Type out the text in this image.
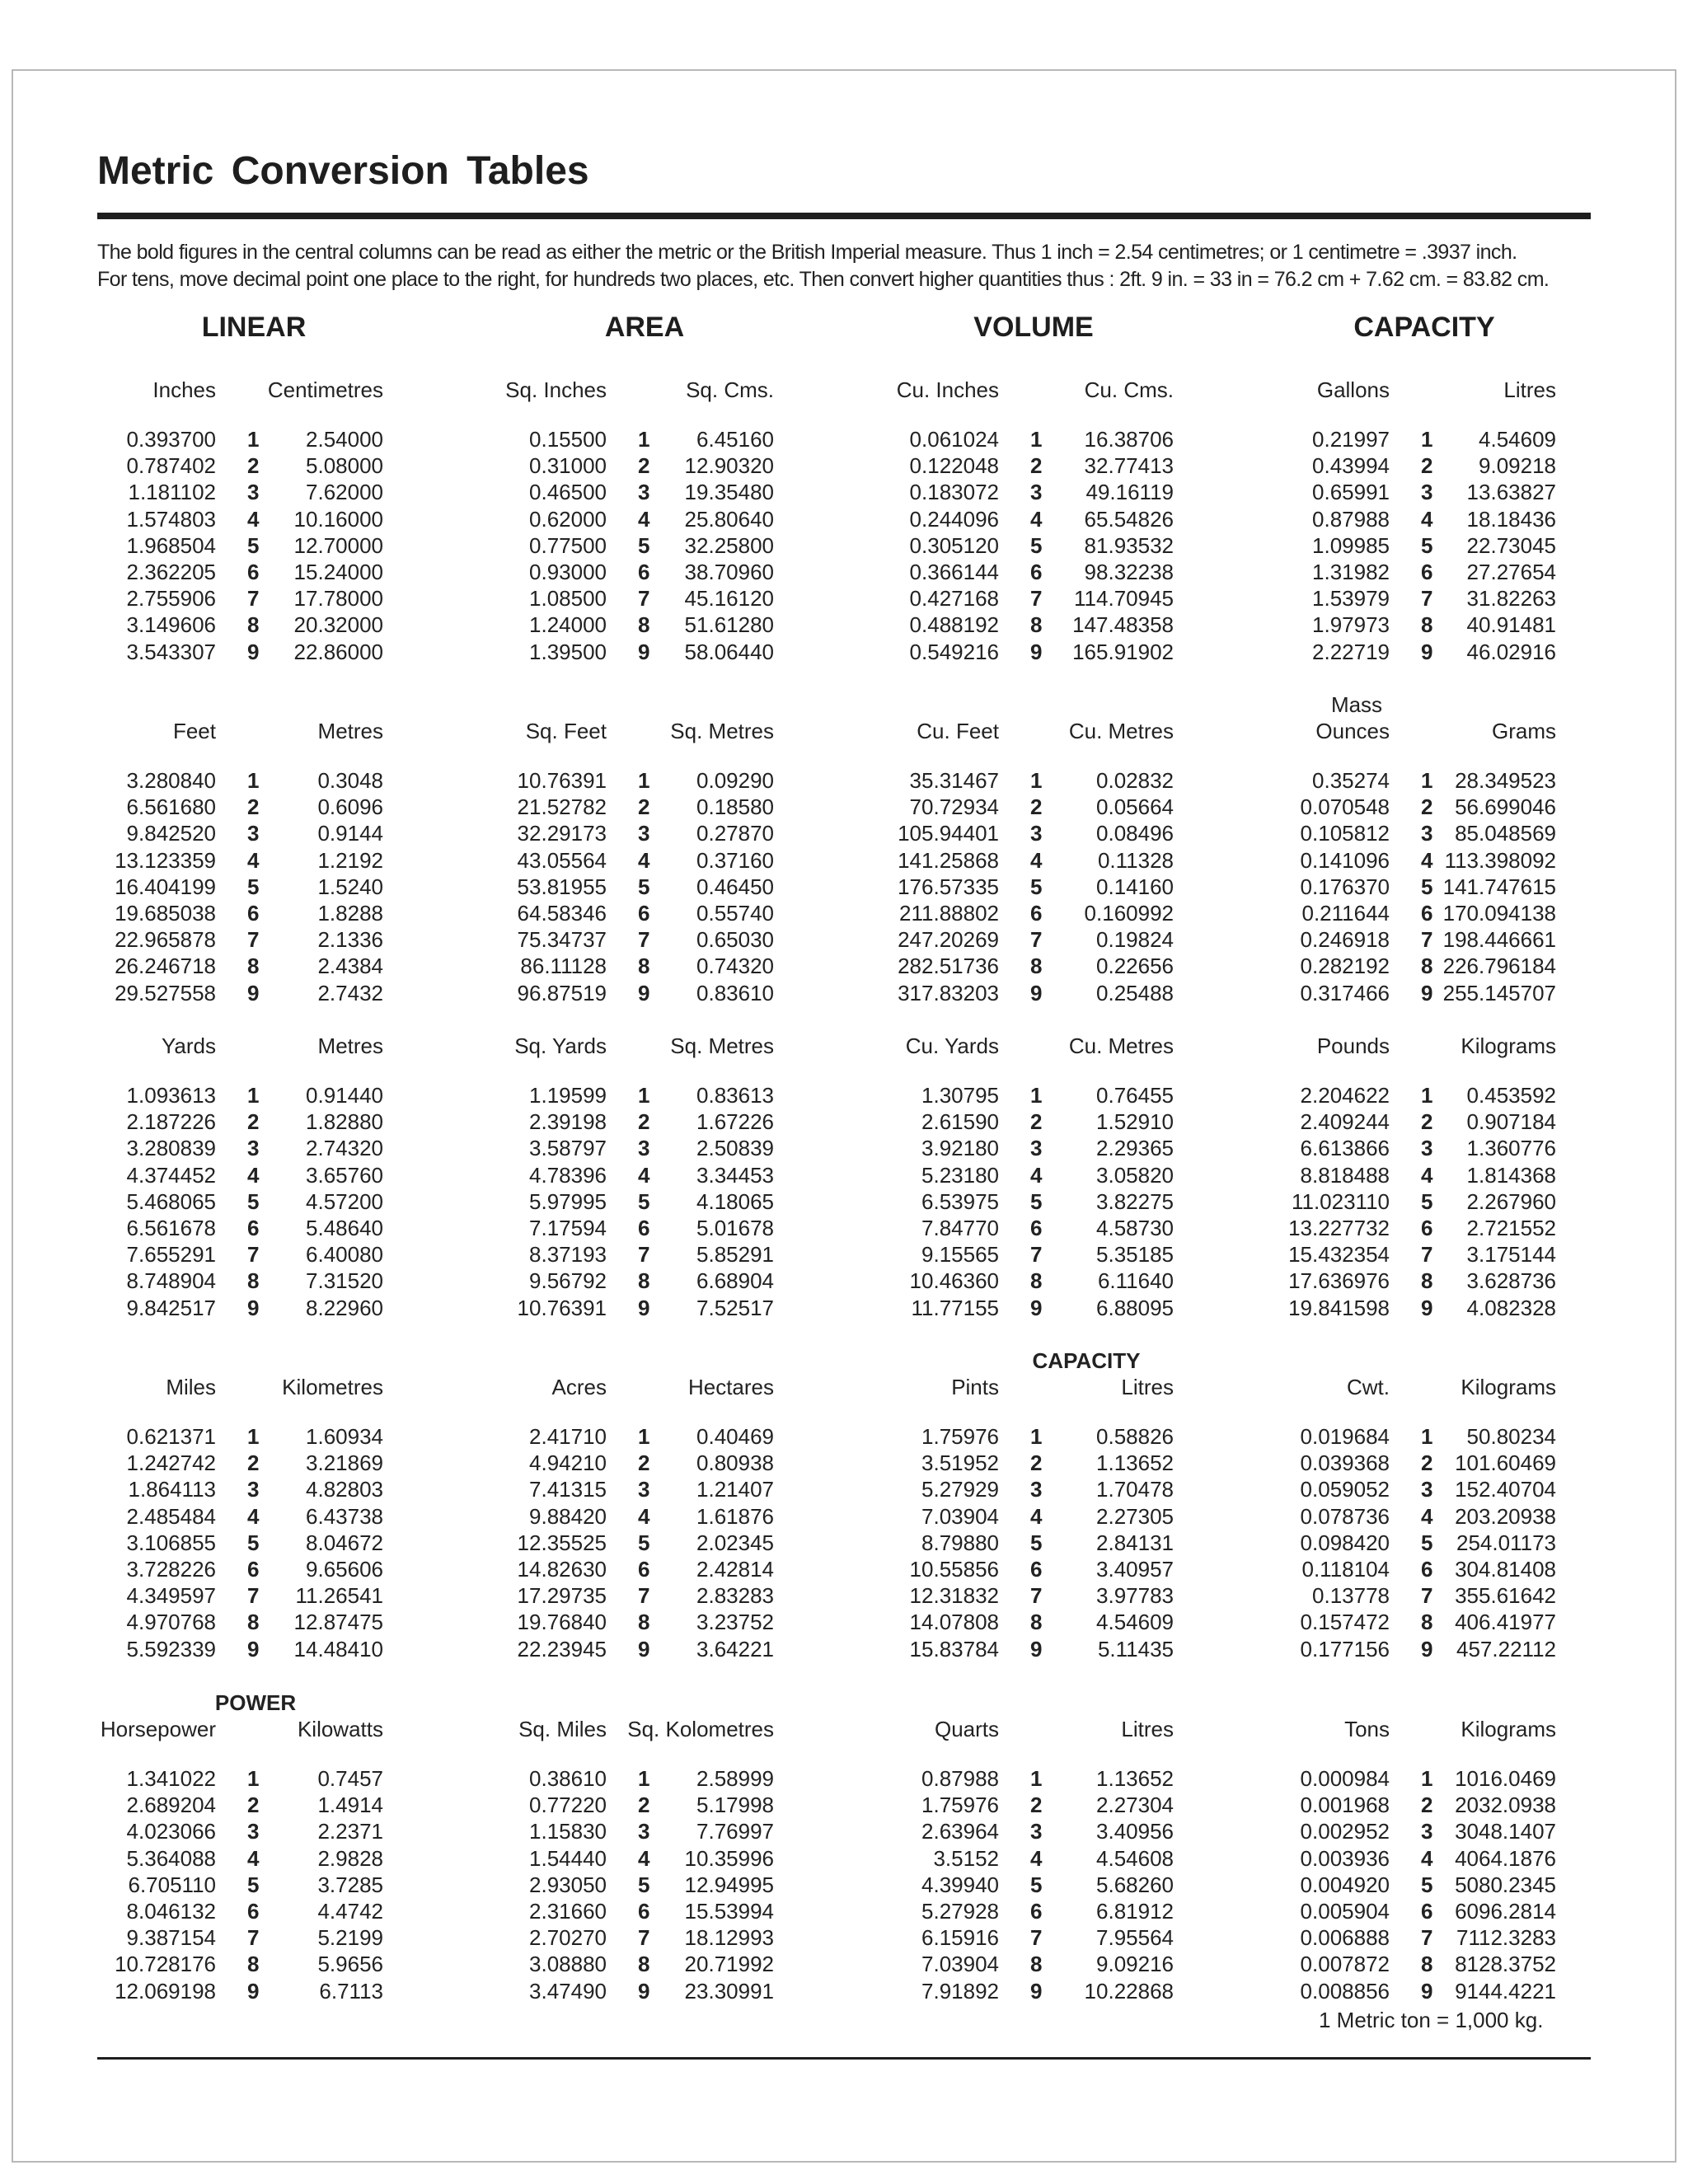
Metric Conversion Tables

The bold figures in the central columns can be read as either the metric or the British Imperial measure. Thus 1 inch = 2.54 centimetres; or 1 centimetre = .3937 inch.
For tens, move decimal point one place to the right, for hundreds two places, etc. Then convert higher quantities thus : 2ft. 9 in. = 33 in = 76.2 cm + 7.62 cm. = 83.82 cm.

LINEAR	AREA	VOLUME	CAPACITY
Inches Centimetres
0.393700 1 2.54000
0.787402 2 5.08000
1.181102 3 7.62000
1.574803 4 10.16000
1.968504 5 12.70000
2.362205 6 15.24000
2.755906 7 17.78000
3.149606 8 20.32000
3.543307 9 22.86000
Sq. Inches	Sq. Cms.
0.15500 1 6.45160
0.31000 2 12.90320
0.46500 3 19.35480
0.62000 4 25.80640
0.77500 5 32.25800
0.93000 6 38.70960
1.08500 7 45.16120
1.24000 8 51.61280
1.39500 9 58.06440
Cu. Inches	Cu. Cms.
0.061024 1 16.38706
0.122048 2 32.77413
0.183072 3 49.16119
0.244096 4 65.54826
0.305120 5 81.93532
0.366144 6 98.32238
0.427168 7 114.70945
0.488192 8 147.48358
0.549216 9 165.91902
Gallons	Litres
0.21997 1 4.54609
0.43994 2 9.09218
0.65991 3 13.63827
0.87988 4 18.18436
1.09985 5 22.73045
1.31982 6 27.27654
1.53979 7 31.82263
1.97973 8 40.91481
2.22719 9 46.02916
Feet	Metres
3.280840 1	0.3048
6.561680 2	0.6096
9.842520 3	0.9144
13.123359 4	1.2192
16.404199 5	1.5240
19.685038 6	1.8288
22.965878 7	2.1336
26.246718 8	2.4384
29.527558 9	2.7432
Sq. Feet	Sq. Metres
10.76391 1 0.09290
21.52782 2 0.18580
32.29173 3 0.27870
43.05564 4 0.37160
53.81955 5 0.46450
64.58346 6 0.55740
75.34737 7 0.65030
86.11128 8 0.74320
96.87519 9 0.83610
Cu. Feet	Cu. Metres
35.31467 1	0.02832
70.72934 2	0.05664
105.94401 3	0.08496
141.25868 4	0.11328
176.57335 5	0.14160
211.88802 6 0.160992
247.20269 7	0.19824
282.51736 8	0.22656
317.83203 9	0.25488
Mass
Ounces	Grams
0.35274 1 28.349523
0.070548 2 56.699046
0.105812 3 85.048569
0.141096 4 113.398092
0.176370 5 141.747615
0.211644 6 170.094138
0.246918 7 198.446661
0.282192 8 226.796184
0.317466 9 255.145707
Yards	Metres
1.093613 1 0.91440
2.187226 2 1.82880
3.280839 3 2.74320
4.374452 4 3.65760
5.468065 5 4.57200
6.561678 6 5.48640
7.655291 7 6.40080
8.748904 8 7.31520
9.842517 9 8.22960
Sq. Yards	Sq. Metres
1.19599 1 0.83613
2.39198 2 1.67226
3.58797 3 2.50839
4.78396 4 3.34453
5.97995 5 4.18065
7.17594 6 5.01678
8.37193 7 5.85291
9.56792 8 6.68904
10.76391 9 7.52517
Cu. Yards	Cu. Metres
1.30795 1	0.76455
2.61590 2	1.52910
3.92180 3	2.29365
5.23180 4	3.05820
6.53975 5	3.82275
7.84770 6	4.58730
9.15565 7	5.35185
10.46360 8	6.11640
11.77155 9	6.88095
Pounds	Kilograms
2.204622 1 0.453592
2.409244 2 0.907184
6.613866 3 1.360776
8.818488 4 1.814368
11.023110 5 2.267960
13.227732 6 2.721552
15.432354 7 3.175144
17.636976 8 3.628736
19.841598 9 4.082328
Miles	Kilometres
0.621371 1 1.60934
1.242742 2 3.21869
1.864113 3 4.82803
2.485484 4 6.43738
3.106855 5 8.04672
3.728226 6 9.65606
4.349597 7 11.26541
4.970768 8 12.87475
5.592339 9 14.48410
Acres	Hectares
2.41710 1 0.40469
4.94210 2 0.80938
7.41315 3 1.21407
9.88420 4 1.61876
12.35525 5 2.02345
14.82630 6 2.42814
17.29735 7 2.83283
19.76840 8 3.23752
22.23945 9 3.64221
CAPACITY
Pints	Litres
1.75976 1	0.58826
3.51952 2	1.13652
5.27929 3	1.70478
7.03904 4	2.27305
8.79880 5	2.84131
10.55856 6	3.40957
12.31832 7	3.97783
14.07808 8	4.54609
15.83784 9	5.11435
Cwt.	Kilograms
0.019684 1 50.80234
0.039368 2 101.60469
0.059052 3 152.40704
0.078736 4 203.20938
0.098420 5 254.01173
0.118104 6 304.81408
0.13778 7 355.61642
0.157472 8 406.41977
0.177156 9 457.22112
POWER
Horsepower	Kilowatts
1.341022 1	0.7457
2.689204 2	1.4914
4.023066 3	2.2371
5.364088 4	2.9828
6.705110 5	3.7285
8.046132 6	4.4742
9.387154 7	5.2199
10.728176 8	5.9656
12.069198 9	6.7113
Sq. Miles Sq. Kolometres
0.38610 1 2.58999
0.77220 2 5.17998
1.15830 3 7.76997
1.54440 4 10.35996
2.93050 5 12.94995
2.31660 6 15.53994
2.70270 7 18.12993
3.08880 8 20.71992
3.47490 9 23.30991
Quarts	Litres
0.87988 1	1.13652
1.75976 2	2.27304
2.63964 3	3.40956
3.5152 4	4.54608
4.39940 5	5.68260
5.27928 6	6.81912
6.15916 7	7.95564
7.03904 8	9.09216
7.91892 9 10.22868
Tons	Kilograms
0.000984 1 1016.0469
0.001968 2 2032.0938
0.002952 3 3048.1407
0.003936 4 4064.1876
0.004920 5 5080.2345
0.005904 6 6096.2814
0.006888 7 7112.3283
0.007872 8 8128.3752
0.008856 9 9144.4221
1 Metric ton = 1,000 kg.
